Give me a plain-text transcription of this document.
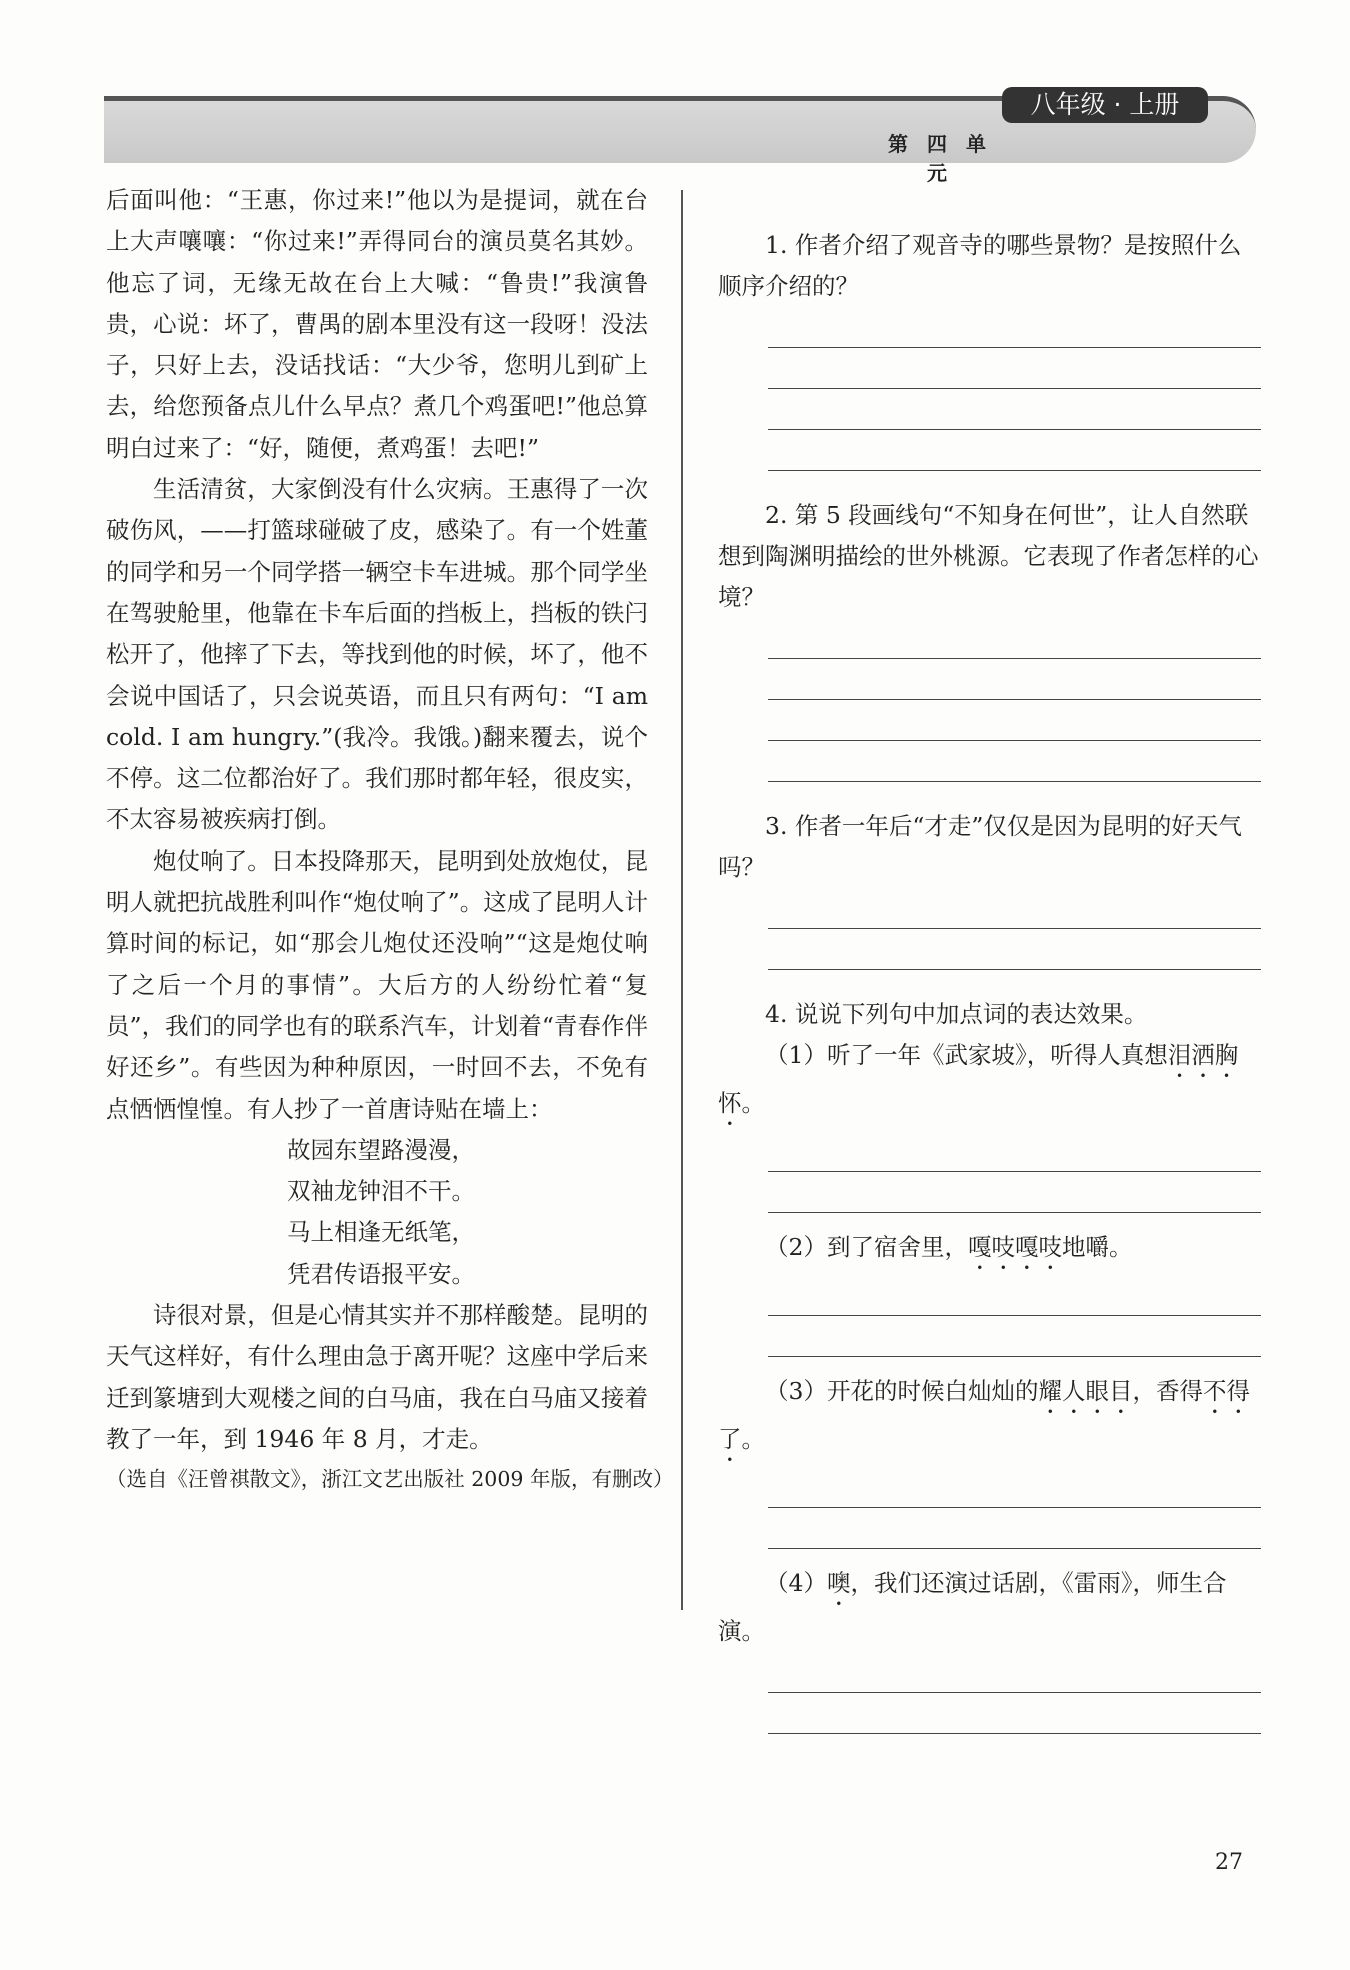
八年级 · 上册
第 四 单 元

后面叫他：“王惠，你过来!”他以为是提词，就在台上大声嚷嚷：“你过来!”弄得同台的演员莫名其妙。他忘了词，无缘无故在台上大喊：“鲁贵!”我演鲁贵，心说：坏了，曹禺的剧本里没有这一段呀！没法子，只好上去，没话找话：“大少爷，您明儿到矿上去，给您预备点儿什么早点？煮几个鸡蛋吧!”他总算明白过来了：“好，随便，煮鸡蛋！去吧!”

生活清贫，大家倒没有什么灾病。王惠得了一次破伤风，——打篮球碰破了皮，感染了。有一个姓董的同学和另一个同学搭一辆空卡车进城。那个同学坐在驾驶舱里，他靠在卡车后面的挡板上，挡板的铁闩松开了，他摔了下去，等找到他的时候，坏了，他不会说中国话了，只会说英语，而且只有两句：“I am cold. I am hungry.”(我冷。我饿。)翻来覆去，说个不停。这二位都治好了。我们那时都年轻，很皮实，不太容易被疾病打倒。

炮仗响了。日本投降那天，昆明到处放炮仗，昆明人就把抗战胜利叫作“炮仗响了”。这成了昆明人计算时间的标记，如“那会儿炮仗还没响”“这是炮仗响了之后一个月的事情”。大后方的人纷纷忙着“复员”，我们的同学也有的联系汽车，计划着“青春作伴好还乡”。有些因为种种原因，一时回不去，不免有点恓恓惶惶。有人抄了一首唐诗贴在墙上：

故园东望路漫漫，
双袖龙钟泪不干。
马上相逢无纸笔，
凭君传语报平安。

诗很对景，但是心情其实并不那样酸楚。昆明的天气这样好，有什么理由急于离开呢？这座中学后来迁到篆塘到大观楼之间的白马庙，我在白马庙又接着教了一年，到 1946 年 8 月，才走。

（选自《汪曾祺散文》，浙江文艺出版社 2009 年版，有删改）

1. 作者介绍了观音寺的哪些景物？是按照什么顺序介绍的？

2. 第 5 段画线句“不知身在何世”，让人自然联想到陶渊明描绘的世外桃源。它表现了作者怎样的心境？

3. 作者一年后“才走”仅仅是因为昆明的好天气吗？

4. 说说下列句中加点词的表达效果。

（1）听了一年《武家坡》，听得人真想泪洒胸怀。

（2）到了宿舍里，嘎吱嘎吱地嚼。

（3）开花的时候白灿灿的耀人眼目，香得不得了。

（4）噢，我们还演过话剧，《雷雨》，师生合演。

27
